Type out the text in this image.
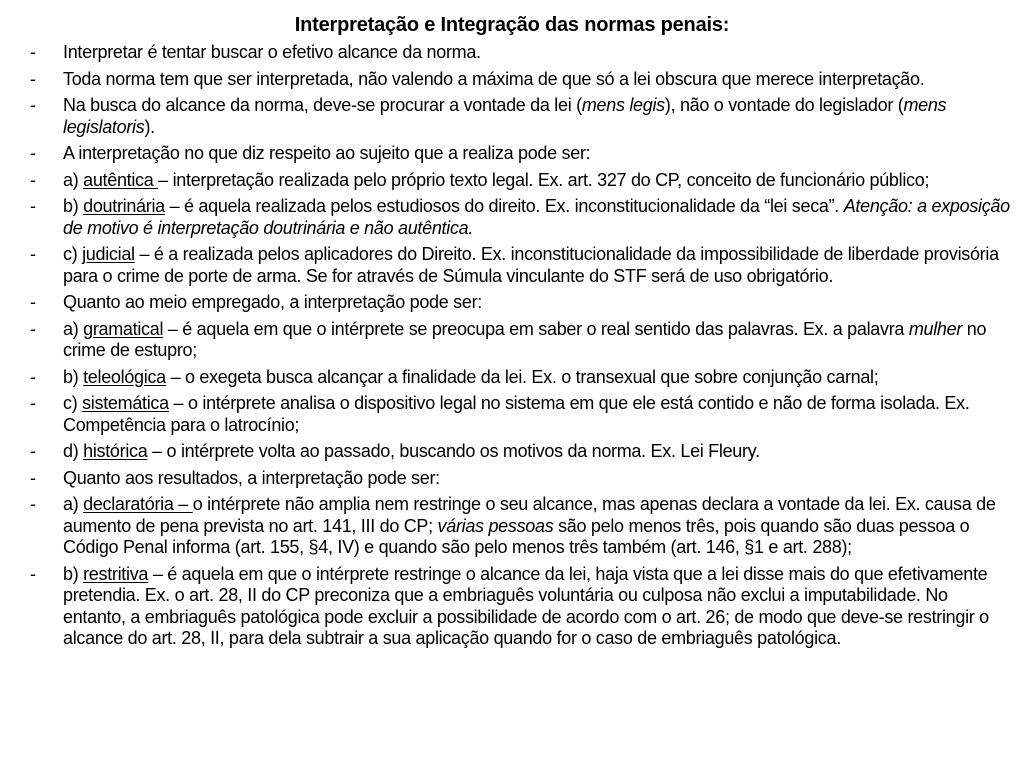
Interpretação e Integração das normas penais:
- Interpretar é tentar buscar o efetivo alcance da norma.
- Toda norma tem que ser interpretada, não valendo a máxima de que só a lei obscura que merece interpretação.
- Na busca do alcance da norma, deve-se procurar a vontade da lei (mens legis), não o vontade do legislador (mens legislatoris).
- A interpretação no que diz respeito ao sujeito que a realiza pode ser:
- a) autêntica – interpretação realizada pelo próprio texto legal. Ex. art. 327 do CP, conceito de funcionário público;
- b) doutrinária – é aquela realizada pelos estudiosos do direito. Ex. inconstitucionalidade da “lei seca”. Atenção: a exposição de motivo é interpretação doutrinária e não autêntica.
- c) judicial – é a realizada pelos aplicadores do Direito. Ex. inconstitucionalidade da impossibilidade de liberdade provisória para o crime de porte de arma. Se for através de Súmula vinculante do STF será de uso obrigatório.
- Quanto ao meio empregado, a interpretação pode ser:
- a) gramatical – é aquela em que o intérprete se preocupa em saber o real sentido das palavras. Ex. a palavra mulher no crime de estupro;
- b) teleológica – o exegeta busca alcançar a finalidade da lei. Ex. o transexual que sobre conjunção carnal;
- c) sistemática – o intérprete analisa o dispositivo legal no sistema em que ele está contido e não de forma isolada. Ex. Competência para o latrocínio;
- d) histórica – o intérprete volta ao passado, buscando os motivos da norma. Ex. Lei Fleury.
- Quanto aos resultados, a interpretação pode ser:
- a) declaratória – o intérprete não amplia nem restringe o seu alcance, mas apenas declara a vontade da lei. Ex. causa de aumento de pena prevista no art. 141, III do CP; várias pessoas são pelo menos três, pois quando são duas pessoa o Código Penal informa (art. 155, §4, IV) e quando são pelo menos três também (art. 146, §1 e art. 288);
- b) restritiva – é aquela em que o intérprete restringe o alcance da lei, haja vista que a lei disse mais do que efetivamente pretendia. Ex. o art. 28, II do CP preconiza que a embriaguês voluntária ou culposa não exclui a imputabilidade. No entanto, a embriaguês patológica pode excluir a possibilidade de acordo com o art. 26; de modo que deve-se restringir o alcance do art. 28, II, para dela subtrair a sua aplicação quando for o caso de embriaguês patológica.
